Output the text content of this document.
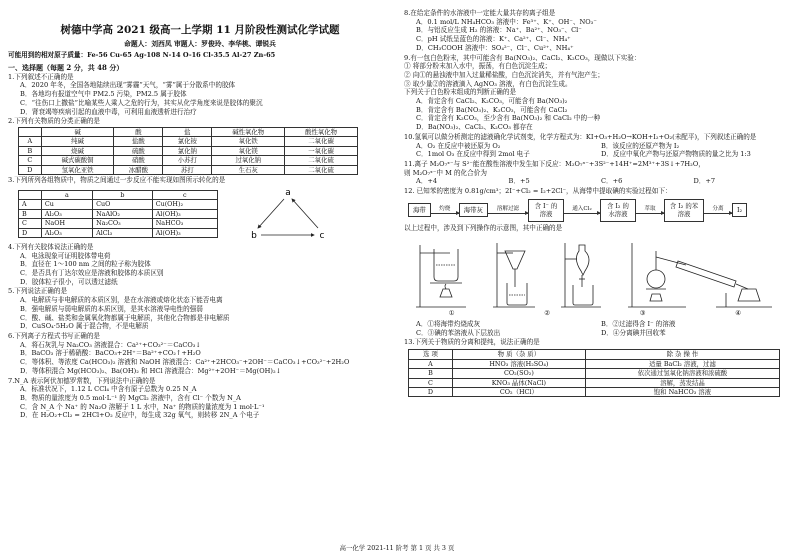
树德中学高 2021 级高一上学期 11 月阶段性测试化学试题
命题人：刘西凤 审题人：罗俊玲、李华桃、谭锐兵
可能用到的相对原子质量：Fe-56 Cu-65 Ag-108 N-14 O-16 Cl-35.5 Al-27 Zn-65
一、选择题（每题 2 分，共 48 分）
1.下列叙述不正确的是
A．2020 年冬，全国各地陆续出现“雾霾”天气，“雾”属于分散系中的胶体
B．各地均有报道空气中 PM2.5 污染，PM2.5 属于胶体
C．“往伤口上撒盐”比喻某些人乘人之危的行为，其实从化学角度来说是胶体的聚沉
D．肾衰竭等疾病引起的血液中毒，可利用血液透析进行治疗
2.下列有关物质的分类正确的是
	碱	酸	盐	碱性氧化物	酸性氧化物
A	纯碱	盐酸	氯化铵	氧化铁	二氧化碳
B	烧碱	硫酸	氯化钠	氧化镁	一氧化碳
C	碱式碳酸铜	硝酸	小苏打	过氧化钠	二氧化硫
D	氢氧化亚铁	冰醋酸	苏打	生石灰	二氧化硫
3.下列所列各组物质中，物质之间通过一步反应不能实现如图所示转化的是
	a	b	c
A	Cu	CuO	Cu(OH)₂
B	Al₂O₃	NaAlO₂	Al(OH)₃
C	NaOH	Na₂CO₃	NaHCO₃
D	Al₂O₃	AlCl₃	Al(OH)₃
a
b	c
4.下列有关胶体说法正确的是
A．电泳现象可证明胶体带电荷
B．直径在 1～100 nm 之间的粒子称为胶体
C．是否具有丁达尔效应是溶液和胶体的本质区别
D．胶体粒子很小，可以透过滤纸
5.下列说法正确的是
A．电解质与非电解质的本质区别，是在水溶液或熔化状态下能否电离
B．强电解质与弱电解质的本质区别，是其水溶液导电性的强弱
C．酸、碱、盐类和金属氧化物都属于电解质，其他化合物都是非电解质
D．CuSO₄·5H₂O 属于混合物，不是电解质
6.下列离子方程式书写正确的是
A．将石灰乳与 Na₂CO₃ 溶液混合：Ca²⁺+CO₃²⁻＝CaCO₃↓
B．BaCO₃ 溶于稀硝酸：BaCO₃+2H⁺＝Ba²⁺+CO₂↑+H₂O
C．等体积、等浓度 Ca(HCO₃)₂ 溶液和 NaOH 溶液混合：Ca²⁺+2HCO₃⁻+2OH⁻＝CaCO₃↓+CO₃²⁻+2H₂O
D．等体积混合 Mg(HCO₃)₂、Ba(OH)₂ 和 HCl 溶液混合：Mg²⁺+2OH⁻＝Mg(OH)₂↓
7.N_A 表示阿伏加德罗常数，下列说法中正确的是
A．标准状况下，1.12 L CCl₄ 中含有原子总数为 0.25 N_A
B．物质的量浓度为 0.5 mol·L⁻¹ 的 MgCl₂ 溶液中，含有 Cl⁻ 个数为 N_A
C．含 N_A 个 Na⁺ 的 Na₂O 溶解于 1 L 水中，Na⁺ 的物质的量浓度为 1 mol·L⁻¹
D．在 H₂O₂+Cl₂ = 2HCl+O₂ 反应中，每生成 32g 氧气，则转移 2N_A 个电子
8.在给定条件的水溶液中一定能大量共存的离子组是
A．0.1 mol/L NH₄HCO₃ 溶液中：Fe³⁺、K⁺、OH⁻、NO₃⁻
B．与铝反应生成 H₂ 的溶液：Na⁺、Ba²⁺、NO₃⁻、Cl⁻
C．pH 试纸呈蓝色的溶液：K⁺、Ca²⁺、Cl⁻、NH₄⁺
D．CH₃COOH 溶液中：SO₄²⁻、Cl⁻、Cu²⁺、NH₄⁺
9.有一包白色粉末，其中可能含有 Ba(NO₃)₂、CaCl₂、K₂CO₃，现做以下实验：
① 将部分粉末加入水中，振荡，有白色沉淀生成；
② 向①的悬浊液中加入过量稀盐酸，白色沉淀消失，并有气泡产生；
③ 取少量②的溶液滴入 AgNO₃ 溶液，有白色沉淀生成。
下列关于白色粉末组成的判断正确的是
A．肯定含有 CaCl₂、K₂CO₃，可能含有 Ba(NO₃)₂
B．肯定含有 Ba(NO₃)₂、K₂CO₃，可能含有 CaCl₂
C．肯定含有 K₂CO₃，至少含有 Ba(NO₃)₂ 和 CaCl₂ 中的一种
D．Ba(NO₃)₂、CaCl₂、K₂CO₃ 都存在
10.氢氧可以做分析测定的滤液确化学试剂变，化学方程式为：KI+O₃+H₂O→KOH+I₂+O₂(未配平)，下列叙述正确的是
A．O₂ 在反应中被还原为 O₂	B．该反应的还原产物为 I₂
C．1mol O₃ 在反应中得到 2mol 电子	D．反应中氧化产物与还原产物物质的量之比为 1:3
11.离子 M₂O₇ˣ⁻与 S²⁻能在酸性溶液中发生如下反应：M₂O₇ˣ⁻+3S²⁻+14H⁺=2M³⁺+3S↓+7H₂O，
则 M₂O₇ˣ⁻中 M 的化合价为
A．+4	B．+5	C．+6	D．+7
12. 已知苯的密度为 0.81g/cm³；2I⁻+Cl₂ = I₂+2Cl⁻，从海带中提取碘的实验过程如下：
海带	灼烧	海带灰	溶解过滤	含 I⁻ 的溶液
通入Cl₂	含 I₂ 的水溶液
萃取	含 I₂ 的苯溶液
分离	I₂
以上过程中，涉及到下列操作的示意图，其中正确的是
①	②	③	④
A．①将海带灼烧成灰	B．②过滤得含 I⁻ 的溶液
C．③碘的苯溶液从下层放出	D．④分离碘并回收苯
13.下列关于物质的分离和提纯，说法正确的是
选 项	物 质（杂 质）	除 杂 操 作
A	HNO₃ 溶液(H₂SO₄)	适量 BaCl₂ 溶液，过滤
B	CO₂(SO₂)	依次通过氢氧化钠溶液和浓硫酸
C	KNO₃ 晶体(NaCl)	溶解，蒸发结晶
D	CO₂（HCl）	饱和 NaHCO₃ 溶液
高一化学 2021-11 阶考 第 1 页 共 3 页
